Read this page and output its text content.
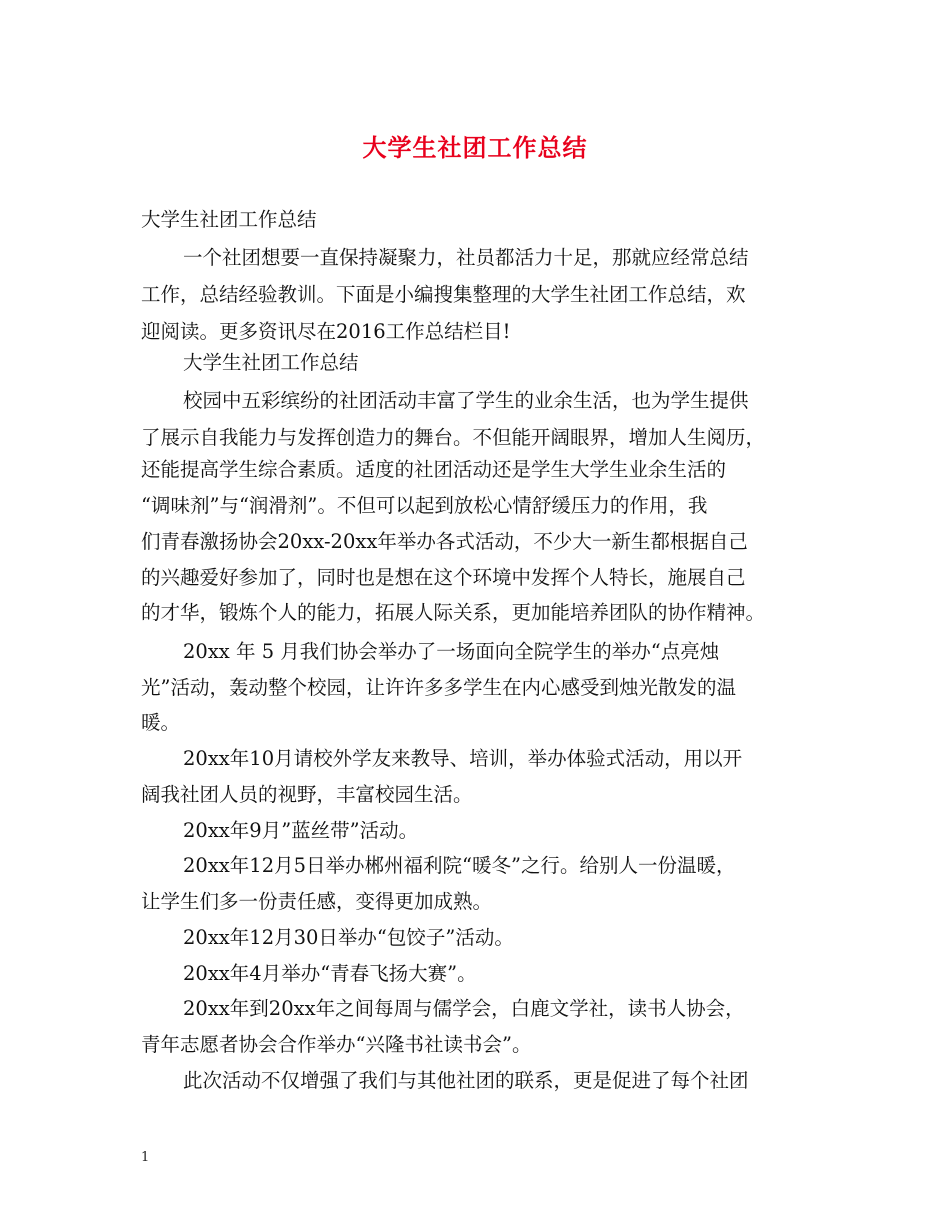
大学生社团工作总结
大学生社团工作总结
一个社团想要一直保持凝聚力，社员都活力十足，那就应经常总结
工作，总结经验教训。下面是小编搜集整理的大学生社团工作总结，欢
迎阅读。更多资讯尽在2016工作总结栏目!
大学生社团工作总结
校园中五彩缤纷的社团活动丰富了学生的业余生活，也为学生提供
了展示自我能力与发挥创造力的舞台。不但能开阔眼界，增加人生阅历，
还能提高学生综合素质。适度的社团活动还是学生大学生业余生活的
“调味剂”与“润滑剂”。不但可以起到放松心情舒缓压力的作用，我
们青春激扬协会20xx-20xx年举办各式活动，不少大一新生都根据自己
的兴趣爱好参加了，同时也是想在这个环境中发挥个人特长，施展自己
的才华，锻炼个人的能力，拓展人际关系，更加能培养团队的协作精神。
20xx 年 5 月我们协会举办了一场面向全院学生的举办“点亮烛
光”活动，轰动整个校园，让许许多多学生在内心感受到烛光散发的温
暖。
20xx年10月请校外学友来教导、培训，举办体验式活动，用以开
阔我社团人员的视野，丰富校园生活。
20xx年9月”蓝丝带”活动。
20xx年12月5日举办郴州福利院“暖冬”之行。给别人一份温暖，
让学生们多一份责任感，变得更加成熟。
20xx年12月30日举办“包饺子”活动。
20xx年4月举办“青春飞扬大赛”。
20xx年到20xx年之间每周与儒学会，白鹿文学社，读书人协会，
青年志愿者协会合作举办“兴隆书社读书会”。
此次活动不仅增强了我们与其他社团的联系，更是促进了每个社团
1
